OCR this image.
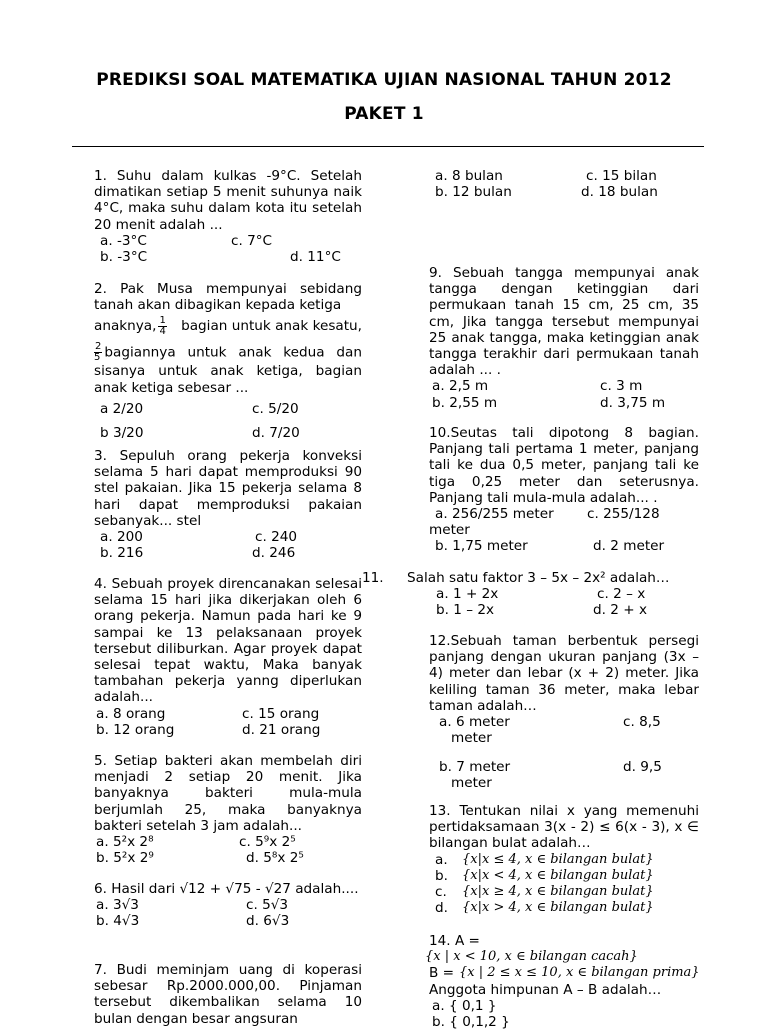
PREDIKSI SOAL MATEMATIKA UJIAN NASIONAL TAHUN 2012
PAKET 1
1. Suhu dalam kulkas -9°C. Setelah dimatikan setiap 5 menit suhunya naik 4°C, maka suhu dalam kota itu setelah 20 menit adalah ...
a. -3°C	c. 7°C
b. -3°C	d. 11°C
2. Pak Musa mempunyai sebidang tanah akan dibagikan kepada ketiga
anaknya, $\frac{1}{4}$ bagian untuk anak kesatu,
$\frac{2}{5}$ bagiannya untuk anak kedua dan sisanya untuk anak ketiga, bagian anak ketiga sebesar ...
a 2/20	c. 5/20
b 3/20	d. 7/20
3. Sepuluh orang pekerja konveksi selama 5 hari dapat memproduksi 90 stel pakaian. Jika 15 pekerja selama 8 hari dapat memproduksi pakaian sebanyak... stel
a. 200	c. 240
b. 216	d. 246
4. Sebuah proyek direncanakan selesai selama 15 hari jika dikerjakan oleh 6 orang pekerja. Namun pada hari ke 9 sampai ke 13 pelaksanaan proyek tersebut diliburkan. Agar proyek dapat selesai tepat waktu, Maka banyak tambahan pekerja yanng diperlukan adalah...
a. 8 orang	c. 15 orang
b. 12 orang	d. 21 orang
5. Setiap bakteri akan membelah diri menjadi 2 setiap 20 menit. Jika banyaknya bakteri mula-mula berjumlah 25, maka banyaknya bakteri setelah 3 jam adalah...
a. 5²x 2⁸	c. 5⁹x 2⁵
b. 5²x 2⁹	d. 5⁸x 2⁵
6. Hasil dari √12 + √75 - √27 adalah....
a. 3√3	c. 5√3
b. 4√3	d. 6√3
7. Budi meminjam uang di koperasi sebesar Rp.2000.000,00. Pinjaman tersebut dikembalikan selama 10 bulan dengan besar angsuran
a. 8 bulan	c. 15 bilan
b. 12 bulan	d. 18 bulan
9. Sebuah tangga mempunyai anak tangga dengan ketinggian dari permukaan tanah 15 cm, 25 cm, 35 cm, Jika tangga tersebut mempunyai 25 anak tangga, maka ketinggian anak tangga terakhir dari permukaan tanah adalah ... .
a. 2,5 m	c. 3 m
b. 2,55 m	d. 3,75 m
10.Seutas tali dipotong 8 bagian. Panjang tali pertama 1 meter, panjang tali ke dua 0,5 meter, panjang tali ke tiga 0,25 meter dan seterusnya. Panjang tali mula-mula adalah... .
a. 256/255 meter c. 255/128
meter
b. 1,75 meter	d. 2 meter
11. Salah satu faktor 3 – 5x – 2x² adalah…
a. 1 + 2x	c. 2 – x
b. 1 – 2x	d. 2 + x
12.Sebuah taman berbentuk persegi panjang dengan ukuran panjang (3x – 4) meter dan lebar (x + 2) meter. Jika keliling taman 36 meter, maka lebar taman adalah…
a. 6 meter	c. 8,5
meter
b. 7 meter	d. 9,5
meter
13. Tentukan nilai x yang memenuhi pertidaksamaan 3(x - 2) ≤ 6(x - 3), x ∈ bilangan bulat adalah…
a. {x|x ≤ 4, x ∈ bilangan bulat}
b. {x|x < 4, x ∈ bilangan bulat}
c. {x|x ≥ 4, x ∈ bilangan bulat}
d. {x|x > 4, x ∈ bilangan bulat}
14. A =
{x | x < 10, x ∈ bilangan cacah}
B = {x | 2 ≤ x ≤ 10, x ∈ bilangan prima}
Anggota himpunan A – B adalah…
a. { 0,1 }
b. { 0,1,2 }
